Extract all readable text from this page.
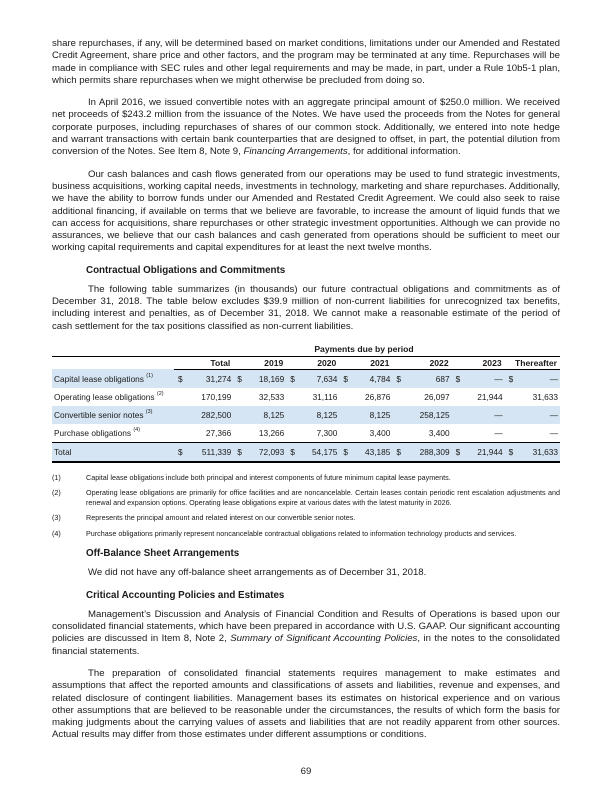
share repurchases, if any, will be determined based on market conditions, limitations under our Amended and Restated Credit Agreement, share price and other factors, and the program may be terminated at any time. Repurchases will be made in compliance with SEC rules and other legal requirements and may be made, in part, under a Rule 10b5-1 plan, which permits share repurchases when we might otherwise be precluded from doing so.

In April 2016, we issued convertible notes with an aggregate principal amount of $250.0 million. We received net proceeds of $243.2 million from the issuance of the Notes. We have used the proceeds from the Notes for general corporate purposes, including repurchases of shares of our common stock. Additionally, we entered into note hedge and warrant transactions with certain bank counterparties that are designed to offset, in part, the potential dilution from conversion of the Notes. See Item 8, Note 9, Financing Arrangements, for additional information.

Our cash balances and cash flows generated from our operations may be used to fund strategic investments, business acquisitions, working capital needs, investments in technology, marketing and share repurchases. Additionally, we have the ability to borrow funds under our Amended and Restated Credit Agreement. We could also seek to raise additional financing, if available on terms that we believe are favorable, to increase the amount of liquid funds that we can access for acquisitions, share repurchases or other strategic investment opportunities. Although we can provide no assurances, we believe that our cash balances and cash generated from operations should be sufficient to meet our working capital requirements and capital expenditures for at least the next twelve months.

Contractual Obligations and Commitments

The following table summarizes (in thousands) our future contractual obligations and commitments as of December 31, 2018. The table below excludes $39.9 million of non-current liabilities for unrecognized tax benefits, including interest and penalties, as of December 31, 2018. We cannot make a reasonable estimate of the period of cash settlement for the tax positions classified as non-current liabilities.

Payments due by period														
	Total		2019		2020		2021		2022		2023		Thereafter	
Capital lease obligations $^{(1)}$	$	31,274	$	18,169	$	7,634	$	4,784	$	687	$	—	$	—
Operating lease obligations $^{(2)}$		170,199		32,533		31,116		26,876		26,097		21,944		31,633
Convertible senior notes $^{(3)}$		282,500		8,125		8,125		8,125		258,125		—		—
Purchase obligations $^{(4)}$		27,366		13,266		7,300		3,400		3,400		—		—
Total	$	511,339	$	72,093	$	54,175	$	43,185	$	288,309	$	21,944	$	31,633
(1)	Capital lease obligations include both principal and interest components of future minimum capital lease payments.
(2)	Operating lease obligations are primarily for office facilities and are noncancelable. Certain leases contain periodic rent escalation adjustments and renewal and expansion options. Operating lease obligations expire at various dates with the latest maturity in 2026.
(3)	Represents the principal amount and related interest on our convertible senior notes.
(4)	Purchase obligations primarily represent noncancelable contractual obligations related to information technology products and services.
Off-Balance Sheet Arrangements

We did not have any off-balance sheet arrangements as of December 31, 2018.

Critical Accounting Policies and Estimates

Management’s Discussion and Analysis of Financial Condition and Results of Operations is based upon our consolidated financial statements, which have been prepared in accordance with U.S. GAAP. Our significant accounting policies are discussed in Item 8, Note 2, Summary of Significant Accounting Policies, in the notes to the consolidated financial statements.

The preparation of consolidated financial statements requires management to make estimates and assumptions that affect the reported amounts and classifications of assets and liabilities, revenue and expenses, and related disclosure of contingent liabilities. Management bases its estimates on historical experience and on various other assumptions that are believed to be reasonable under the circumstances, the results of which form the basis for making judgments about the carrying values of assets and liabilities that are not readily apparent from other sources. Actual results may differ from those estimates under different assumptions or conditions.

69
